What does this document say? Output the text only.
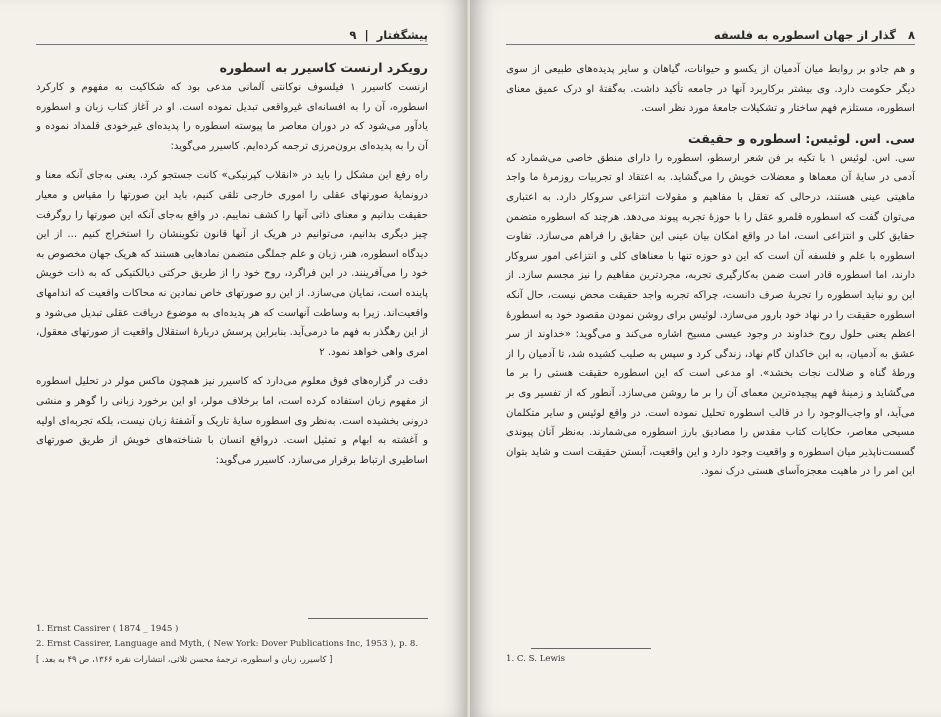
پیشگفتار  |  ۹
رویکرد ارنست کاسیرر به اسطوره

ارنست کاسیرر ۱ فیلسوف نوکانتی آلمانی مدعی بود که شکاکیت به مفهوم و کارکرد اسطوره، آن را به افسانه‌ای غیرواقعی تبدیل نموده است. او در آغاز کتاب زبان و اسطوره یادآور می‌شود که در دوران معاصر ما پیوسته اسطوره را پدیده‌ای غیرخودی قلمداد نموده و آن را به پدیده‌ای برون‌مرزی ترجمه کرده‌ایم. کاسیرر می‌گوید:

راه رفع این مشکل را باید در «انقلاب کپرنیکی» کانت جستجو کرد. یعنی به‌جای آنکه معنا و درونمایهٔ صورتهای عقلی را اموری خارجی تلقی کنیم، باید این صورتها را مقیاس و معیار حقیقت بدانیم و معنای ذاتی آنها را کشف نماییم. در واقع به‌جای آنکه این صورتها را روگرفت چیز دیگری بدانیم، می‌توانیم در هریک از آنها قانون تکوینشان را استخراج کنیم ... از این دیدگاه اسطوره، هنر، زبان و علم جملگی متضمن نمادهایی هستند که هریک جهان مخصوص به خود را می‌آفرینند. در این فراگرد، روح خود را از طریق حرکتی دیالکتیکی که به ذات خویش پاینده است، نمایان می‌سازد. از این رو صورتهای خاص نمادین نه محاکات واقعیت که اندامهای واقعیت‌اند. زیرا به وساطت آنهاست که هر پدیده‌ای به موضوع دریافت عقلی تبدیل می‌شود و از این رهگذر به فهم ما درمی‌آید. بنابراین پرسش دربارهٔ استقلال واقعیت از صورتهای معقول، امری واهی خواهد نمود. ۲

دقت در گزاره‌های فوق معلوم می‌دارد که کاسیرر نیز همچون ماکس مولر در تحلیل اسطوره از مفهوم زبان استفاده کرده است، اما برخلاف مولر، او این برخورد زبانی را گوهر و منشی درونی بخشیده است. به‌نظر وی اسطوره سایهٔ تاریک و آشفتهٔ زبان نیست، بلکه تجربه‌ای اولیه و آغشته به ابهام و تمثیل است. درواقع انسان با شناخته‌های خویش از طریق صورتهای اساطیری ارتباط برقرار می‌سازد. کاسیرر می‌گوید:

1. Ernst Cassirer ( 1874 _ 1945 )
2. Ernst Cassirer, Language and Myth, ( New York: Dover Publications Inc, 1953 ), p. 8.
[ کاسیرر، زبان و اسطوره، ترجمهٔ محسن ثلاثی، انتشارات نقره ۱۳۶۶، ص ۴۹ به بعد. ]
۸   گذار از جهان اسطوره به فلسفه

و هم جادو بر روابط میان آدمیان از یکسو و حیوانات، گیاهان و سایر پدیده‌های طبیعی از سوی دیگر حکومت دارد. وی بیشتر برکاربرد آنها در جامعه تأکید داشت. به‌گفتهٔ او درک عمیق معنای اسطوره، مستلزم فهم ساختار و تشکیلات جامعهٔ مورد نظر است.

سی. اس. لوئیس: اسطوره و حقیقت

سی. اس. لوئیس ۱ با تکیه بر فن شعر ارسطو، اسطوره را دارای منطق خاصی می‌شمارد که آدمی در سایهٔ آن معماها و معضلات خویش را می‌گشاید. به اعتقاد او تجربیات روزمرهٔ ما واجد ماهیتی عینی هستند، درحالی که تعقل با مفاهیم و مقولات انتزاعی سروکار دارد. به اعتباری می‌توان گفت که اسطوره قلمرو عقل را با حوزهٔ تجربه پیوند می‌دهد. هرچند که اسطوره متضمن حقایق کلی و انتزاعی است، اما در واقع امکان بیان عینی این حقایق را فراهم می‌سازد. تفاوت اسطوره با علم و فلسفه آن است که این دو حوزه تنها با معناهای کلی و انتزاعی امور سروکار دارند، اما اسطوره قادر است ضمن به‌کارگیری تجربه، مجردترین مفاهیم را نیز مجسم سازد. از این رو نباید اسطوره را تجربهٔ صرف دانست، چراکه تجربه واجد حقیقت محض نیست، حال آنکه اسطوره حقیقت را در نهاد خود بارور می‌سازد. لوئیس برای روشن نمودن مقصود خود به اسطورهٔ اعظم یعنی حلول روح خداوند در وجود عیسی مسیح اشاره می‌کند و می‌گوید: «خداوند از سر عشق به آدمیان، به این خاکدان گام نهاد، زندگی کرد و سپس به صلیب کشیده شد، تا آدمیان را از ورطهٔ گناه و ضلالت نجات بخشد». او مدعی است که این اسطوره حقیقت هستی را بر ما می‌گشاید و زمینهٔ فهم پیچیده‌ترین معمای آن را بر ما روشن می‌سازد. آنطور که از تفسیر وی بر می‌آید، او واجب‌الوجود را در قالب اسطوره تحلیل نموده است. در واقع لوئیس و سایر متکلمان مسیحی معاصر، حکایات کتاب مقدس را مصادیق بارز اسطوره می‌شمارند. به‌نظر آنان پیوندی گسست‌ناپذیر میان اسطوره و واقعیت وجود دارد و این واقعیت، آبستن حقیقت است و شاید بتوان این امر را در ماهیت معجزه‌آسای هستی درک نمود.

1. C. S. Lewis
